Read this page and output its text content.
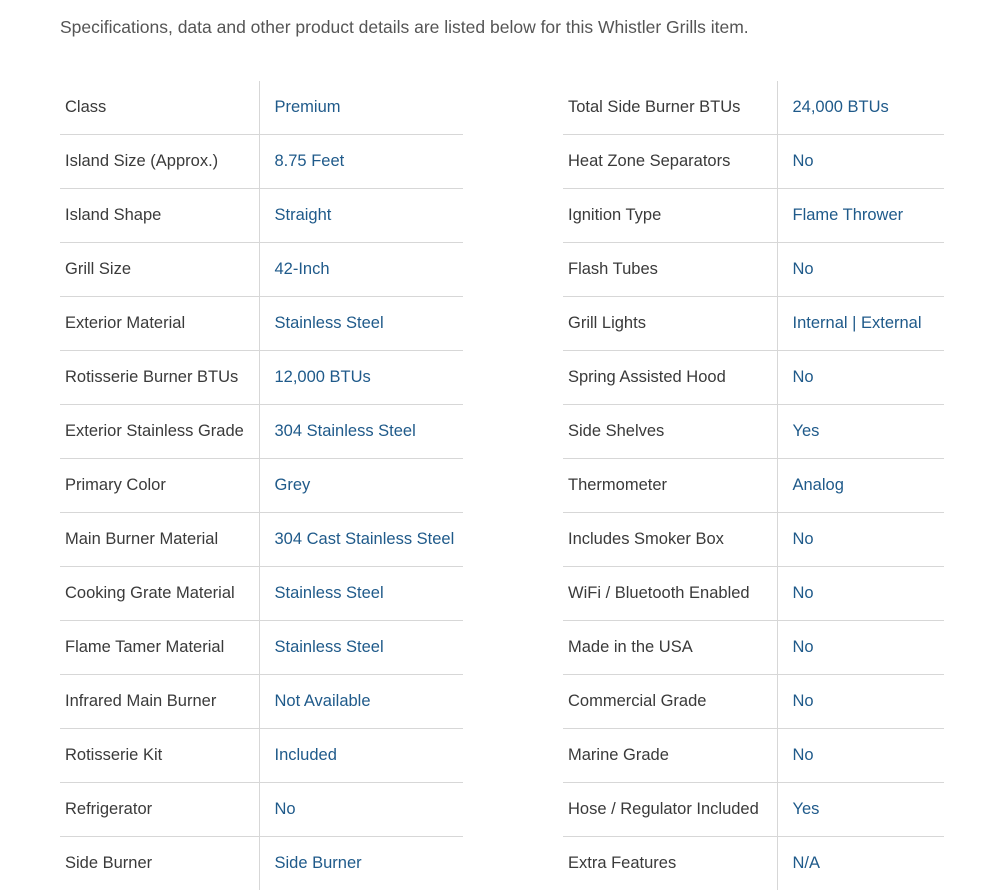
Specifications, data and other product details are listed below for this Whistler Grills item.
Class	Premium
Island Size (Approx.)	8.75 Feet
Island Shape	Straight
Grill Size	42-Inch
Exterior Material	Stainless Steel
Rotisserie Burner BTUs	12,000 BTUs
Exterior Stainless Grade	304 Stainless Steel
Primary Color	Grey
Main Burner Material	304 Cast Stainless Steel
Cooking Grate Material	Stainless Steel
Flame Tamer Material	Stainless Steel
Infrared Main Burner	Not Available
Rotisserie Kit	Included
Refrigerator	No
Side Burner	Side Burner
Total Side Burner BTUs	24,000 BTUs
Heat Zone Separators	No
Ignition Type	Flame Thrower
Flash Tubes	No
Grill Lights	Internal | External
Spring Assisted Hood	No
Side Shelves	Yes
Thermometer	Analog
Includes Smoker Box	No
WiFi / Bluetooth Enabled	No
Made in the USA	No
Commercial Grade	No
Marine Grade	No
Hose / Regulator Included	Yes
Extra Features	N/A
